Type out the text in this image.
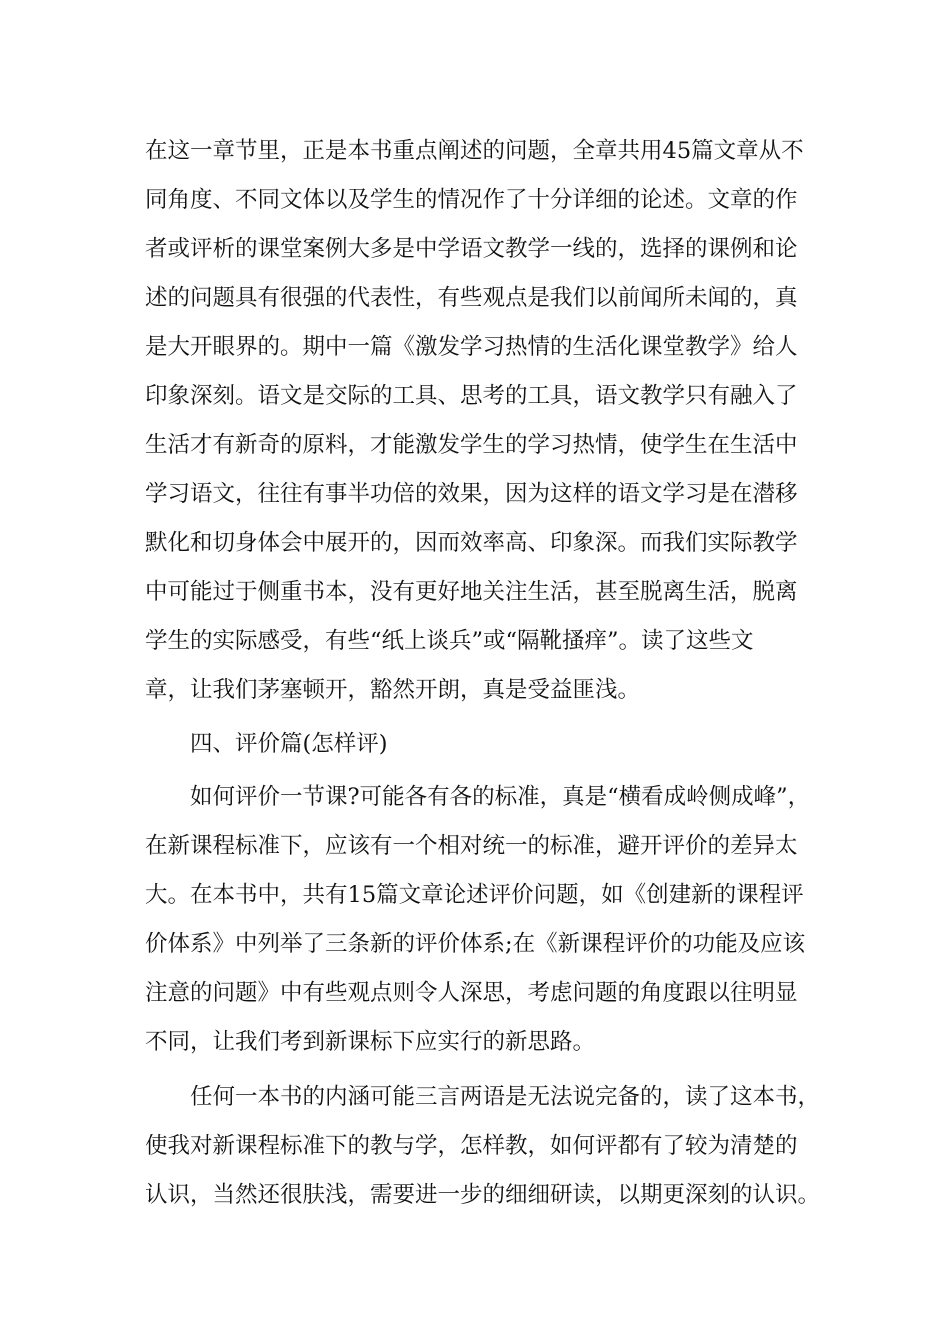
在这一章节里，正是本书重点阐述的问题，全章共用45篇文章从不
同角度、不同文体以及学生的情况作了十分详细的论述。文章的作
者或评析的课堂案例大多是中学语文教学一线的，选择的课例和论
述的问题具有很强的代表性，有些观点是我们以前闻所未闻的，真
是大开眼界的。期中一篇《激发学习热情的生活化课堂教学》给人
印象深刻。语文是交际的工具、思考的工具，语文教学只有融入了
生活才有新奇的原料，才能激发学生的学习热情，使学生在生活中
学习语文，往往有事半功倍的效果，因为这样的语文学习是在潜移
默化和切身体会中展开的，因而效率高、印象深。而我们实际教学
中可能过于侧重书本，没有更好地关注生活，甚至脱离生活，脱离
学生的实际感受，有些“纸上谈兵”或“隔靴搔痒”。读了这些文
章，让我们茅塞顿开，豁然开朗，真是受益匪浅。
四、评价篇(怎样评)
如何评价一节课?可能各有各的标准，真是“横看成岭侧成峰”，
在新课程标准下，应该有一个相对统一的标准，避开评价的差异太
大。在本书中，共有15篇文章论述评价问题，如《创建新的课程评
价体系》中列举了三条新的评价体系;在《新课程评价的功能及应该
注意的问题》中有些观点则令人深思，考虑问题的角度跟以往明显
不同，让我们考到新课标下应实行的新思路。
任何一本书的内涵可能三言两语是无法说完备的，读了这本书，
使我对新课程标准下的教与学，怎样教，如何评都有了较为清楚的
认识，当然还很肤浅，需要进一步的细细研读，以期更深刻的认识。
